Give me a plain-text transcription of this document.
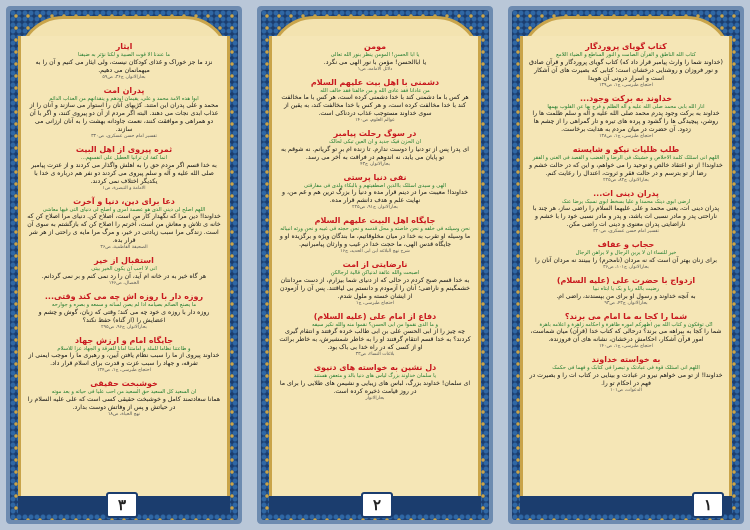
کتاب گویای پروردگار
کتاب الله الناطق و القرآن الصامت و النور الساطع و الضیاء اللامع
(خداوند شما را وارث پیامبر قرار داد که) کتاب گویای پروردگار و قرآن صادق و نور فروزان و روشنایی درخشان است؛ کتابی که بصیرت های آن آشکار است و اسرار درونی آن هویدا
احتجاج طبرسی، ج۱، ص۱۳۹
خداوند به برکت وجود...
انار الله بابی محمد صلی الله علیه و آله الظلم و فرج بها عن القلوب بهمها
خداوند به برکت وجود پدرم محمد صلی الله علیه و آله و سلم ظلمت ها را روشن، پیچیدگی ها را گشود و پرده های تیره و تار گمراهی را از چشم ها زدود. آن حضرت در میان مردم به هدایت برخاست.
احتجاج طبرسی، ج۱، ص۱۳۸
طلب ظلیات نیکو و شایسته
اللهم انی اسئلک کلمة الاخلاص و خشیتک فی الرضا و الغضب و القصد فی الغنی و الفقر
خداوندا! از تو اعتقاد خالص و توحید را می خواهم، و این که در حالت خشم و رضا از تو بترسم و در حالت فقر و ثروت، اعتدال را رعایت کنم.
بحارالانوار، ج۸۳، ص۲۲۵
پدران دینی ات...
ارضی ابوی دینک محمدا و علیا بسخط ابوی نسبک یرضا عنک
پدران دینی ات، یعنی محمد و علی علیهما السلام را راضی ساز، هر چند با ناراحتی پدر و مادر نسبی ات باشد، و پدر و مادر نسبی خود را با خشم و ناراضایتی پدران معنوی و دینی ات راضی مکن.
تفسیر امام حسن عسکری، ص۳۳۰
حجاب و عفاف
خیر للنساء ان لا یرین الرجال و لا یراهن الرجال
برای زنان بهتر آن است که نه مردان (نامحرم) را ببینند نه مردان آنان را
بحارالانوار، ج۱۰۱، ص۳۶
ازدواج با حضرت علی (علیه السلام)
رضیت بالله ربا و بک یا ابتاه نبیا
به آنچه خداوند و رسول او برای من بپسندند، راضی ام.
بحارالانوار، ج۴۳، ص۹۳
شما را کجا به ما امام می برند؟
انّی توفکون و کتاب الله بین اظهرکم اموره ظاهرة و احکامه زاهرة و اعلامه باهرة
شما را کجا به بیراهه می برند؟ درحالی که کتاب خدا (قرآن) میان شماست، امور قرآن آشکار، احکامش درخشان، نشانه های آن فروزنده.
احتجاج طبرسی، ج۱، ص۱۴۰
به خواسته خداوند
اللهم انی اسئلک قوة فی عبادتک و تبصرا فی کتابک و فهما فی حکمک
خداوندا! از تو می خواهم نیرو در عبادت و بینایی در کتاب ات را و بصیرت در فهم در احکام تو را.
الدعوات، ص۱۰۱
١
مومن
یا ابا الحسن! المومن ینظر بنور الله تعالی
یا اباالحسن! مؤمن با نور الهی می نگرد.
دلائل الامامه، ص۱
دشمنی با اهل بیت علیهم السلام
من عادانا فقد عادی الله و من خالفنا فقد خالف الله
هر کس با ما دشمنی کند با خدا دشمنی کرده است، هر کس با ما مخالفت کند با خدا مخالفت کرده است، و هر کس با خدا مخالفت کند، به یقین از سوی خداوند مستوجب عذاب دردناکی است.
عوالم العلوم، ص۱۴۰
در سوگ رحلت پیامبر
ان الحزن فیک جدید و ان العین تبکی لحالک
ای پدرا پس از تو دنیا را دوست ندارم. تا زنده ام بر تو گریانم. نه شوقم به تو پایان می یابد، نه اندوهم در فراقت به آخر می رسد.
بحارالانوار، ج۴۳
نفی دنیا پرستی
الهی و سیدی اسئلک باالذین اصطفیتهم و بالبکاء ولدی فی مفارقتی
خداوندا! معیبت مرا در دینم قرار مده و دنیا را بزرگ ترین هم و غم من، و نهایت علم و هدف دانشم قرار مده.
بحارالانوار، ج۹۱، ص۲۲۵
جایگاه اهل البیت علیهم السلام
نحن وسیلته فی خلقه و نحن خاصته و محل قدسه و نحن حجته فی غیبه و نحن ورثه انبیائه
ما وسیله او تقرب به خدا در میان مخلوقاتیم، ما بندگان ویژه و برگزیده او و جایگاه قدس الهی، ما حجت خدا در غیب و وارثان پیامبرانیم.
شرح نهج البلاغه ابن ابی الحدید، ج۱۶
نارضایتی از امت
اصبحت والله عائفة لدنیاکن قالیة لرجالکن
به خدا قسم صبح کردم در حالی که از دنیای شما بیزارم، از دست مردانتان خشمگینم و ناراضی؛ آنان را آزمودم و دانستم بی لیاقتند. پس آن را آزمودن از ایشان خسته و ملول شدم.
احتجاج طبرسی، ج۱
دفاع از امام علی (علیه السلام)
و ما الذی نقموا من ابی الحسن؟ نقموا منه والله نکیر سیفه
چه چیز را از ابی الحسن علی بن ابی طالب خرده گرفتند و انتقام گیری کردند؟ به خدا قسم انتقام گرفتند او را به خاطر شمشیرش، به خاطر برائت او از کسی که در راه خدا بی باک بود.
بلاغات النساء، ص۳۳
دل نشین به خواسته های دنیوی
یا سلمان خداوند بزرگ لیاس های دنیا بالذ و متعفن هستند
ای سلمان! خداوند بزرگ، لباس های زیبایی و نشیمن های طلایی را برای ما در روز قیامت ذخیره کرده است.
بحارالانوار
٢
ایثار
ما عندنا الا قوت الصبیة و لکنا نؤثر به ضیفنا
نزد ما جز خوراک و غذای کودکان نیست، ولی ایثار می کنیم و آن را به میهمانمان می دهیم.
بحارالانوار، ج۳۶، ص۵۹
پدران امت
ابوا هذه الامة محمد و علی، یقیمان اودهم و ینقذانهم من العذاب الدائم
محمد و علی پدران این امتند. کژیهای آنان را استوار می سازند و آنان را از عذاب ابدی نجات می دهند. البته اگر مردم از آن دو پیروی کنند، و اگر با آن دو همراهی و موافقت کنند، نعمت جاودانه بهشت را به آنان ارزانی می سازند.
تفسیر امام حسن عسکری، ص۳۳۰
ثمره پیروی از اهل البیت
انما کفة ان ترانیا العطیل علی انفسهم...
به خدا قسم اگر مردم حق را به اهلش واگذار می کردند و از عترت پیامبر صلی الله علیه و آله و سلم پیروی می کردند دو نفر هم درباره ی خدا با یکدیگر اختلاف نمی کردند.
الامامة و التبصرة، ص۱
دعا برای دین، دنیا و آخرت
اللهم اصلح لی دینی الذی هو عصمة امری و اصلح لی دنیای التی فیها معاشی
خداوندا! دین مرا که نگهدار کار من است، اصلاح کن. دنیای مرا اصلاح کن که خانه ی تلاش و معاش من است، آخرتم را اصلاح کن که بازگشتم به سوی آن است. زندگی مرا سبب زیادتی در خیر، و مرگ مرا مایه ی راحتی از هر شر قرار بده.
الصحیفة الفاطمیة، ص۳۶
استقبال از خیر
انی لا احب ان یکون الخیر بیتی
هر گاه خیر به در خانه ام آید، آن را رد نمی کنم و بر نمی گردانم.
الخصال، ص۱۴۶
روزه دار با روزه اش چه می کند وقتی...
ما یصنع الصائم بصیامه اذا لم یصن لسانه و سمعه و بصره و جوارحه
روزه دار با روزه ی خود چه می کند؛ وقتی که زبان، گوش و چشم و اعضایش را (از گناه) حفظ نکند؟
بحارالانوار، ج۹۶، ص۲۹۵
جایگاه امام و ارزش جهاد
و طاعتنا نظاما للملة و امامتنا امانا للفرقة و الجهاد عزا للاسلام
خداوند پیروی از ما را سبب نظام یافتن آیین، و رهبری ما را موجب ایمنی از تفرقه، و جهاد را سبب عزت و قدرت برای اسلام قرار داد.
احتجاج طبرسی، ج۱، ص۱۳۴
خوشبخت حقیقی
ان السعید کل السعید حق السعید من احب علیا فی حیاته و بعد موته
همانا سعادتمند کامل و خوشبخت حقیقی کسی است که علی علیه السلام را در حیاتش و پس از وفاتش دوست بدارد.
نهج الحیاة، ص۱۸
٣
